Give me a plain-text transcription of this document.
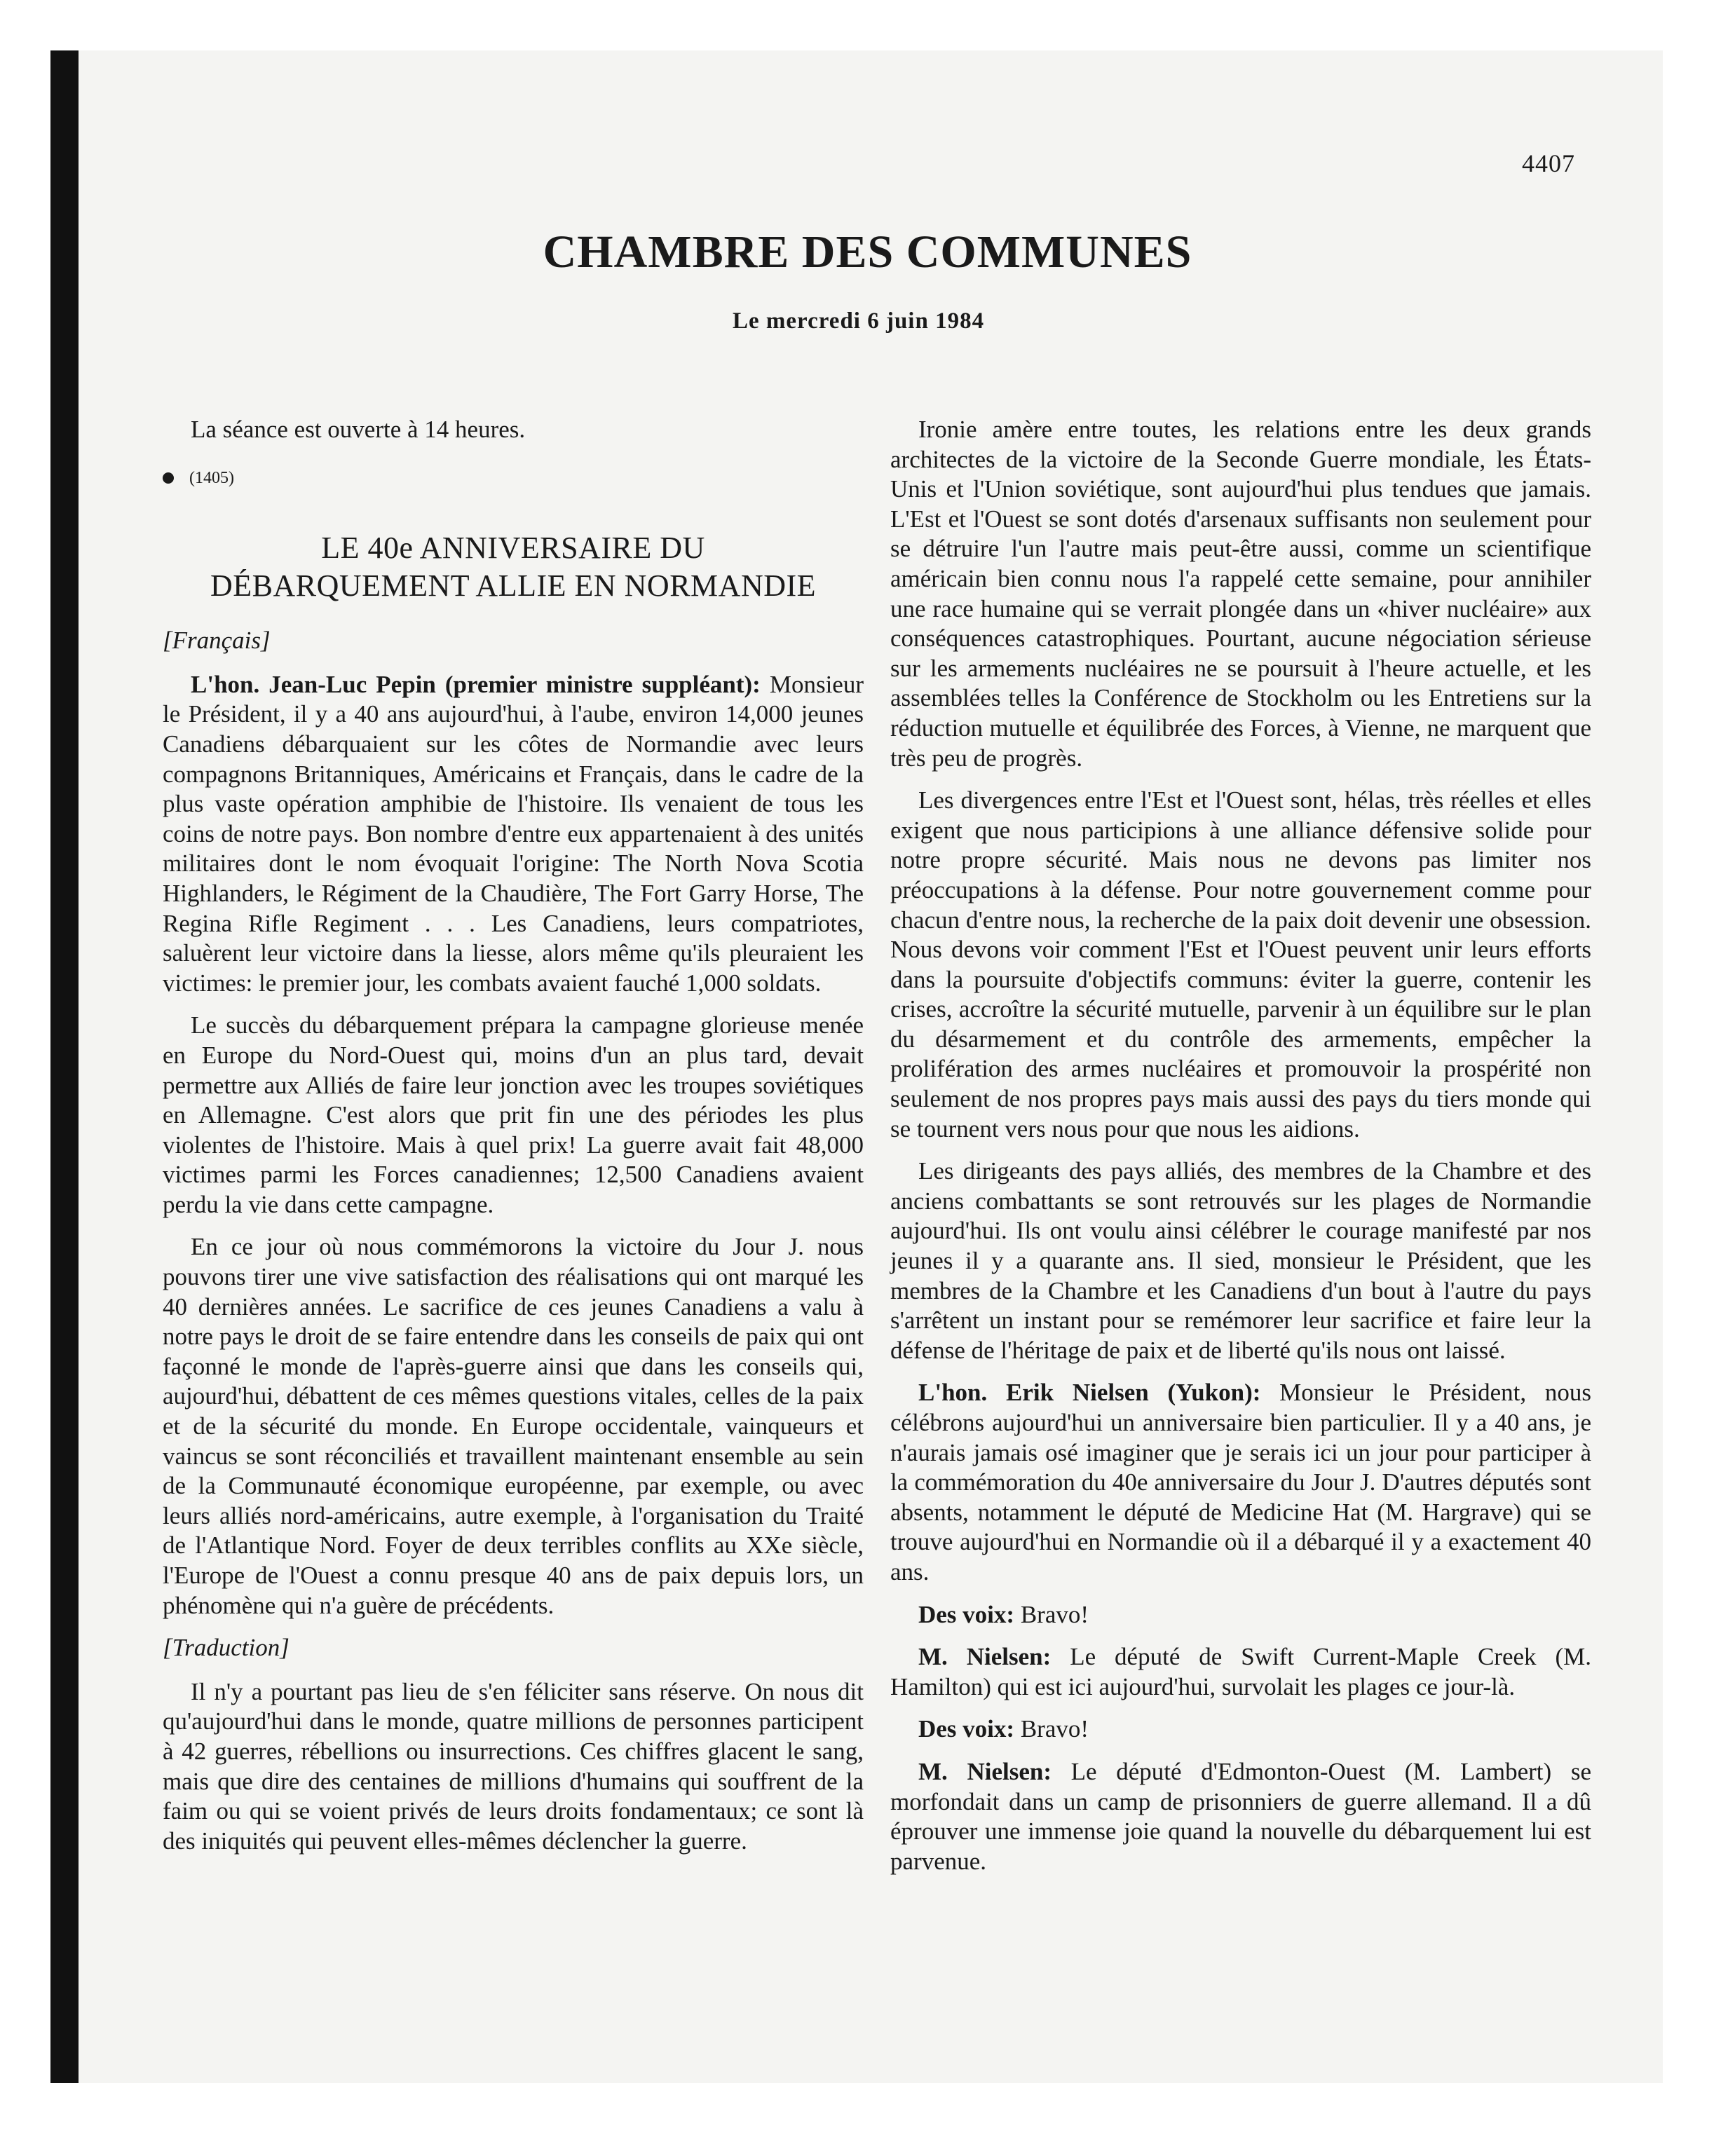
4407
CHAMBRE DES COMMUNES
Le mercredi 6 juin 1984

La séance est ouverte à 14 heures.

(1405)
LE 40e ANNIVERSAIRE DU
DÉBARQUEMENT ALLIE EN NORMANDIE
[Français]

L'hon. Jean-Luc Pepin (premier ministre suppléant): Monsieur le Président, il y a 40 ans aujourd'hui, à l'aube, environ 14,000 jeunes Canadiens débarquaient sur les côtes de Normandie avec leurs compagnons Britanniques, Américains et Français, dans le cadre de la plus vaste opération amphibie de l'histoire. Ils venaient de tous les coins de notre pays. Bon nombre d'entre eux appartenaient à des unités militaires dont le nom évoquait l'origine: The North Nova Scotia Highlanders, le Régiment de la Chaudière, The Fort Garry Horse, The Regina Rifle Regiment . . . Les Canadiens, leurs compatriotes, saluèrent leur victoire dans la liesse, alors même qu'ils pleuraient les victimes: le premier jour, les combats avaient fauché 1,000 soldats.

Le succès du débarquement prépara la campagne glorieuse menée en Europe du Nord-Ouest qui, moins d'un an plus tard, devait permettre aux Alliés de faire leur jonction avec les troupes soviétiques en Allemagne. C'est alors que prit fin une des périodes les plus violentes de l'histoire. Mais à quel prix! La guerre avait fait 48,000 victimes parmi les Forces canadiennes; 12,500 Canadiens avaient perdu la vie dans cette campagne.

En ce jour où nous commémorons la victoire du Jour J. nous pouvons tirer une vive satisfaction des réalisations qui ont marqué les 40 dernières années. Le sacrifice de ces jeunes Canadiens a valu à notre pays le droit de se faire entendre dans les conseils de paix qui ont façonné le monde de l'après-guerre ainsi que dans les conseils qui, aujourd'hui, débattent de ces mêmes questions vitales, celles de la paix et de la sécurité du monde. En Europe occidentale, vainqueurs et vaincus se sont réconciliés et travaillent maintenant ensemble au sein de la Communauté économique européenne, par exemple, ou avec leurs alliés nord-américains, autre exemple, à l'organisation du Traité de l'Atlantique Nord. Foyer de deux terribles conflits au XXe siècle, l'Europe de l'Ouest a connu presque 40 ans de paix depuis lors, un phénomène qui n'a guère de précédents.

[Traduction]

Il n'y a pourtant pas lieu de s'en féliciter sans réserve. On nous dit qu'aujourd'hui dans le monde, quatre millions de personnes participent à 42 guerres, rébellions ou insurrections. Ces chiffres glacent le sang, mais que dire des centaines de millions d'humains qui souffrent de la faim ou qui se voient privés de leurs droits fondamentaux; ce sont là des iniquités qui peuvent elles-mêmes déclencher la guerre.

Ironie amère entre toutes, les relations entre les deux grands architectes de la victoire de la Seconde Guerre mondiale, les États-Unis et l'Union soviétique, sont aujourd'hui plus tendues que jamais. L'Est et l'Ouest se sont dotés d'arsenaux suffisants non seulement pour se détruire l'un l'autre mais peut-être aussi, comme un scientifique américain bien connu nous l'a rappelé cette semaine, pour annihiler une race humaine qui se verrait plongée dans un «hiver nucléaire» aux conséquences catastrophiques. Pourtant, aucune négociation sérieuse sur les armements nucléaires ne se poursuit à l'heure actuelle, et les assemblées telles la Conférence de Stockholm ou les Entretiens sur la réduction mutuelle et équilibrée des Forces, à Vienne, ne marquent que très peu de progrès.

Les divergences entre l'Est et l'Ouest sont, hélas, très réelles et elles exigent que nous participions à une alliance défensive solide pour notre propre sécurité. Mais nous ne devons pas limiter nos préoccupations à la défense. Pour notre gouvernement comme pour chacun d'entre nous, la recherche de la paix doit devenir une obsession. Nous devons voir comment l'Est et l'Ouest peuvent unir leurs efforts dans la poursuite d'objectifs communs: éviter la guerre, contenir les crises, accroître la sécurité mutuelle, parvenir à un équilibre sur le plan du désarmement et du contrôle des armements, empêcher la prolifération des armes nucléaires et promouvoir la prospérité non seulement de nos propres pays mais aussi des pays du tiers monde qui se tournent vers nous pour que nous les aidions.

Les dirigeants des pays alliés, des membres de la Chambre et des anciens combattants se sont retrouvés sur les plages de Normandie aujourd'hui. Ils ont voulu ainsi célébrer le courage manifesté par nos jeunes il y a quarante ans. Il sied, monsieur le Président, que les membres de la Chambre et les Canadiens d'un bout à l'autre du pays s'arrêtent un instant pour se remémorer leur sacrifice et faire leur la défense de l'héritage de paix et de liberté qu'ils nous ont laissé.

L'hon. Erik Nielsen (Yukon): Monsieur le Président, nous célébrons aujourd'hui un anniversaire bien particulier. Il y a 40 ans, je n'aurais jamais osé imaginer que je serais ici un jour pour participer à la commémoration du 40e anniversaire du Jour J. D'autres députés sont absents, notamment le député de Medicine Hat (M. Hargrave) qui se trouve aujourd'hui en Normandie où il a débarqué il y a exactement 40 ans.

Des voix: Bravo!

M. Nielsen: Le député de Swift Current-Maple Creek (M. Hamilton) qui est ici aujourd'hui, survolait les plages ce jour-là.

Des voix: Bravo!

M. Nielsen: Le député d'Edmonton-Ouest (M. Lambert) se morfondait dans un camp de prisonniers de guerre allemand. Il a dû éprouver une immense joie quand la nouvelle du débarquement lui est parvenue.
